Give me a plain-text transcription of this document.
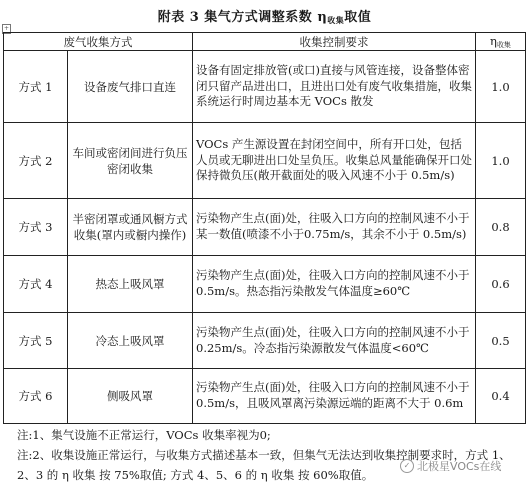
附表 3 集气方式调整系数 $\eta_{收集}$取值
+
废气收集方式		收集控制要求	$\eta_{收集}$
方式 1	设备废气排口直连	设备有固定排放管(或口)直接与风管连接，设备整体密闭只留产品进出口，且进出口处有废气收集措施，收集系统运行时周边基本无 VOCs 散发	1.0
方式 2	车间或密闭间进行负压密闭收集	VOCs 产生源设置在封闭空间中，所有开口处，包括人员或无聊进出口处呈负压。收集总风量能确保开口处保持微负压(敞开截面处的吸入风速不小于 0.5m/s)	1.0
方式 3	半密闭罩或通风橱方式收集(罩内或橱内操作)	污染物产生点(面)处，往吸入口方向的控制风速不小于某一数值(喷漆不小于0.75m/s，其余不小于 0.5m/s)	0.8
方式 4	热态上吸风罩	污染物产生点(面)处，往吸入口方向的控制风速不小于 0.5m/s。热态指污染散发气体温度≥60℃	0.6
方式 5	冷态上吸风罩	污染物产生点(面)处，往吸入口方向的控制风速不小于 0.25m/s。冷态指污染源散发气体温度<60℃	0.5
方式 6	侧吸风罩	污染物产生点(面)处，往吸入口方向的控制风速不小于 0.5m/s，且吸风罩离污染源远端的距离不大于 0.6m	0.4
注:1、集气设施不正常运行，VOCs 收集率视为0;
注:2、收集设施正常运行，与收集方式描述基本一致，但集气无法达到收集控制要求时，方式 1、2、3 的 η 收集 按 75%取值; 方式 4、5、6 的 η 收集 按 60%取值。
✓ 北极星VOCs在线
